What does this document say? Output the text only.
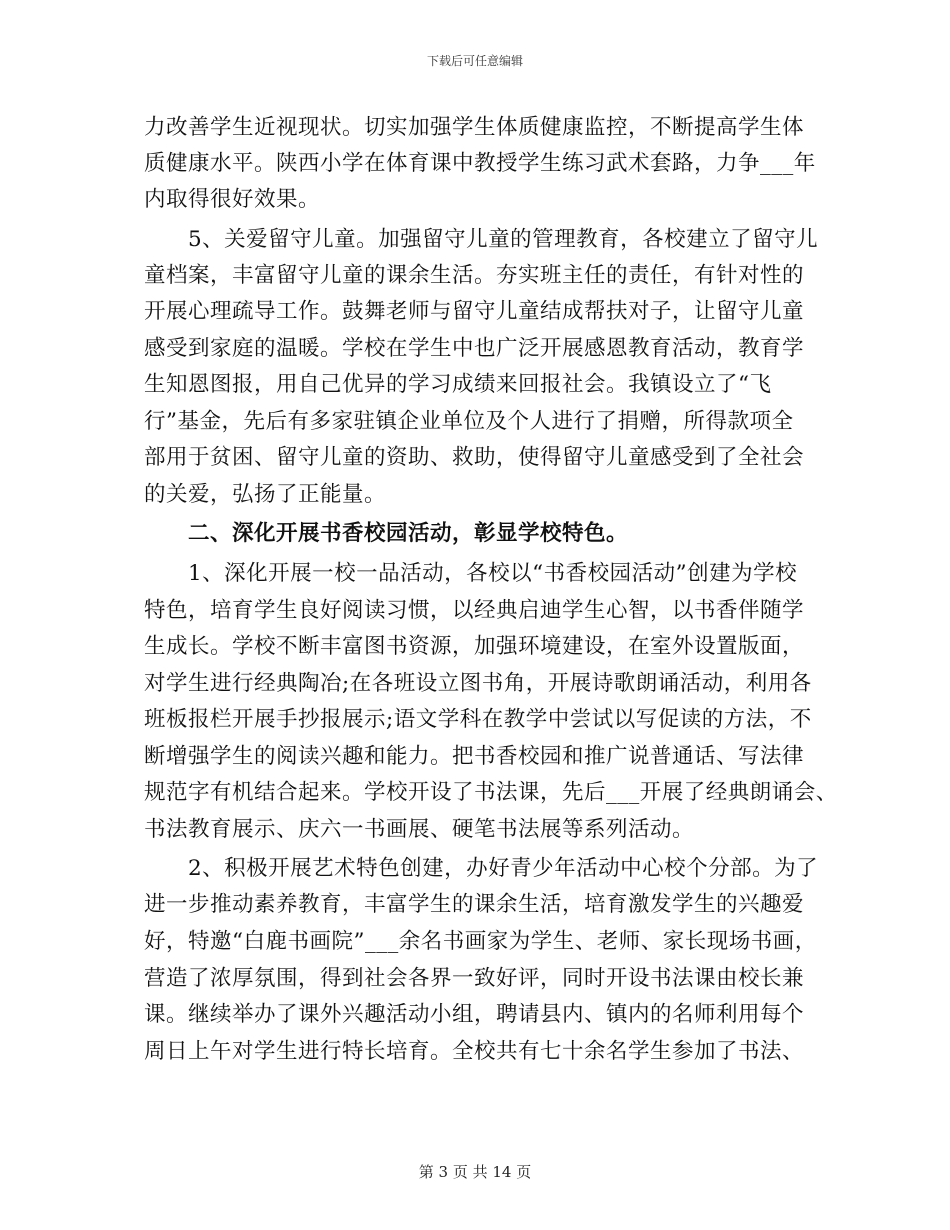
下载后可任意编辑
力改善学生近视现状。切实加强学生体质健康监控，不断提高学生体
质健康水平。陕西小学在体育课中教授学生练习武术套路，力争___年
内取得很好效果。
5、关爱留守儿童。加强留守儿童的管理教育，各校建立了留守儿
童档案，丰富留守儿童的课余生活。夯实班主任的责任，有针对性的
开展心理疏导工作。鼓舞老师与留守儿童结成帮扶对子，让留守儿童
感受到家庭的温暖。学校在学生中也广泛开展感恩教育活动，教育学
生知恩图报，用自己优异的学习成绩来回报社会。我镇设立了“飞
行”基金，先后有多家驻镇企业单位及个人进行了捐赠，所得款项全
部用于贫困、留守儿童的资助、救助，使得留守儿童感受到了全社会
的关爱，弘扬了正能量。
二、深化开展书香校园活动，彰显学校特色。
1、深化开展一校一品活动，各校以“书香校园活动”创建为学校
特色，培育学生良好阅读习惯，以经典启迪学生心智，以书香伴随学
生成长。学校不断丰富图书资源，加强环境建设，在室外设置版面，
对学生进行经典陶冶;在各班设立图书角，开展诗歌朗诵活动，利用各
班板报栏开展手抄报展示;语文学科在教学中尝试以写促读的方法，不
断增强学生的阅读兴趣和能力。把书香校园和推广说普通话、写法律
规范字有机结合起来。学校开设了书法课，先后___开展了经典朗诵会、
书法教育展示、庆六一书画展、硬笔书法展等系列活动。
2、积极开展艺术特色创建，办好青少年活动中心校个分部。为了
进一步推动素养教育，丰富学生的课余生活，培育激发学生的兴趣爱
好，特邀“白鹿书画院”___余名书画家为学生、老师、家长现场书画，
营造了浓厚氛围，得到社会各界一致好评，同时开设书法课由校长兼
课。继续举办了课外兴趣活动小组，聘请县内、镇内的名师利用每个
周日上午对学生进行特长培育。全校共有七十余名学生参加了书法、
第 3 页 共 14 页
